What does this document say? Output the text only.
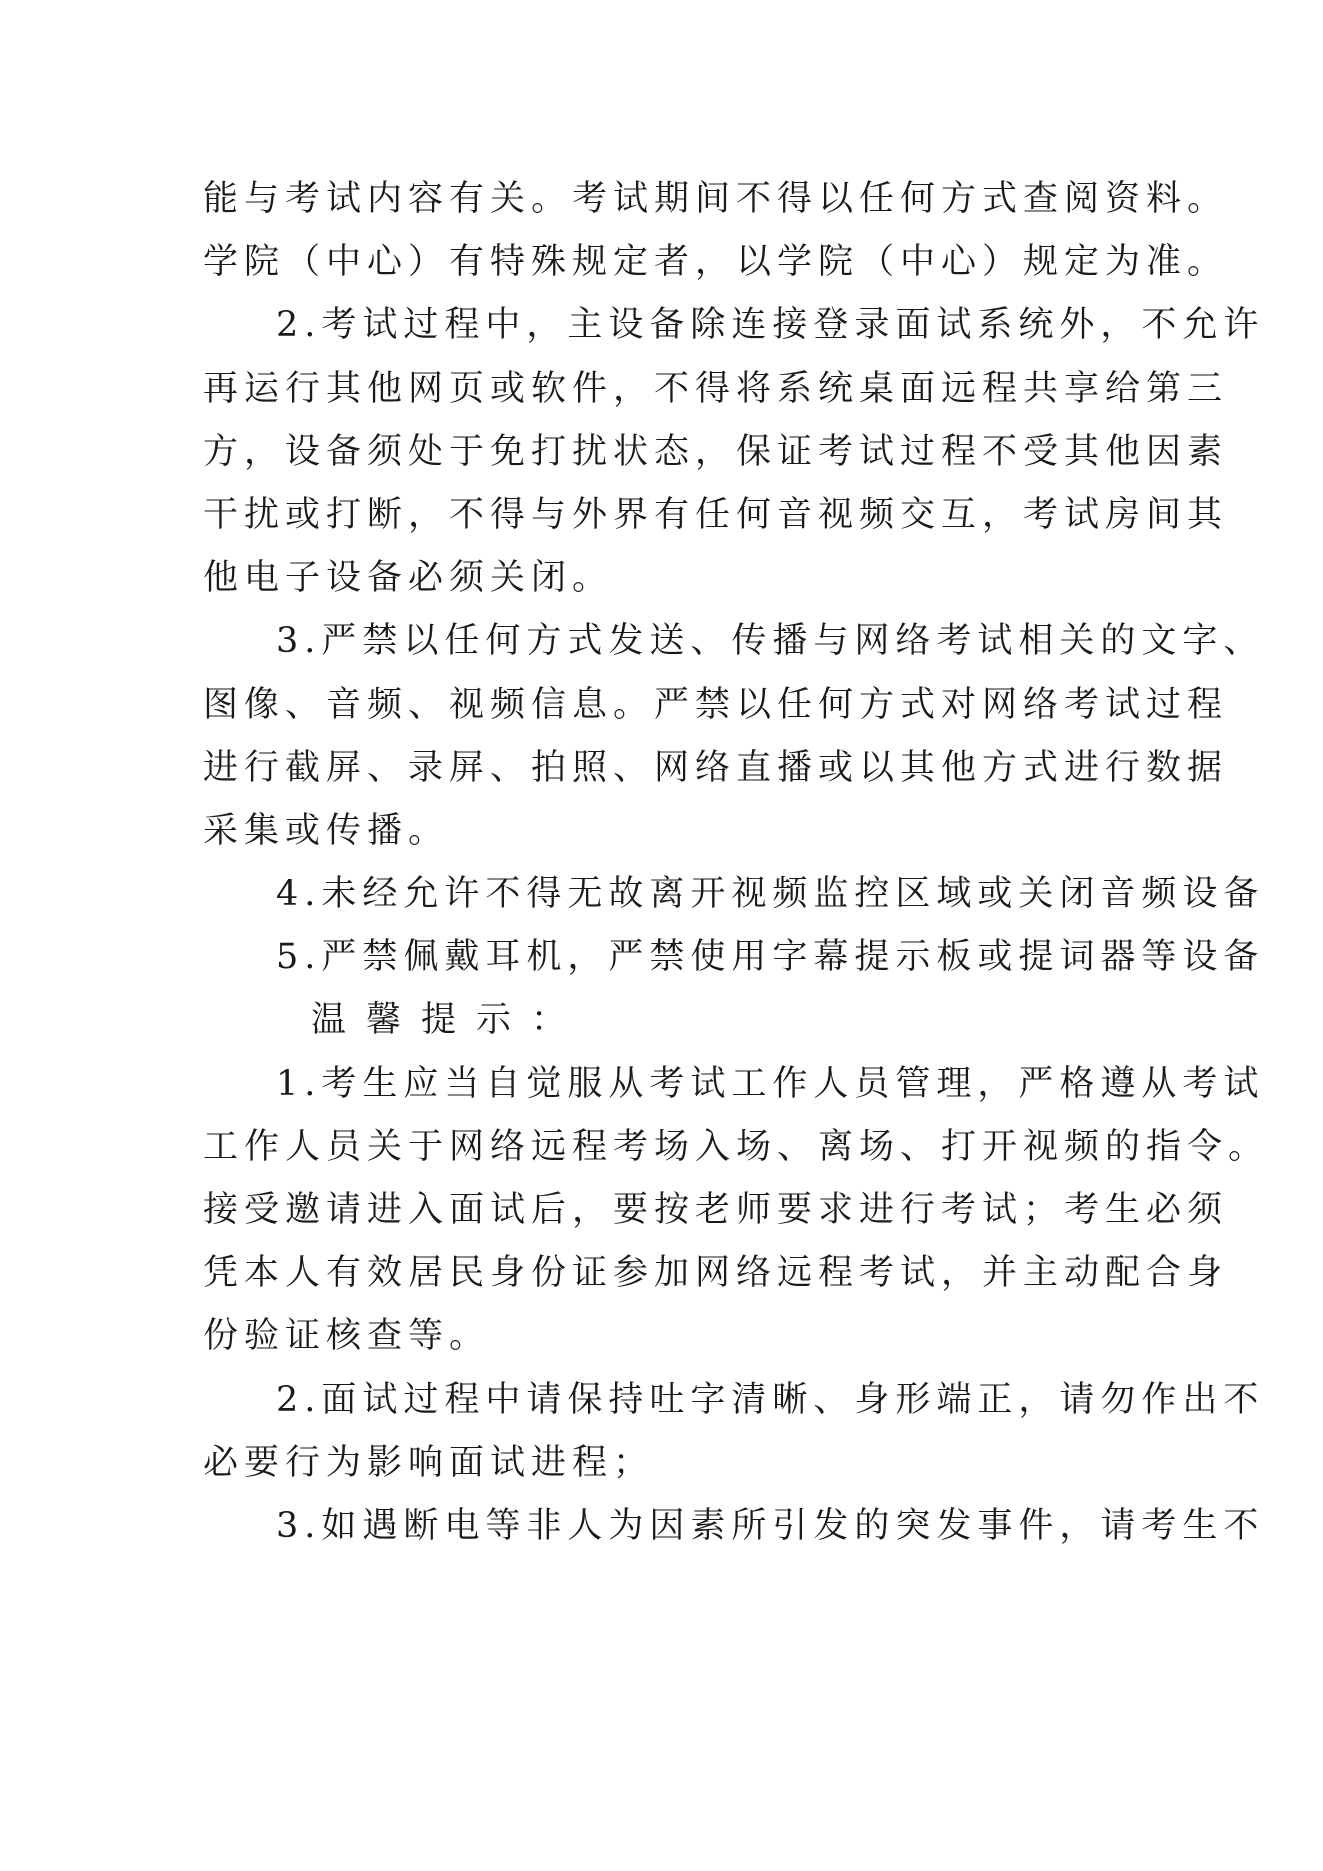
能与考试内容有关。考试期间不得以任何方式查阅资料。
学院（中心）有特殊规定者，以学院（中心）规定为准。
2.考试过程中，主设备除连接登录面试系统外，不允许
再运行其他网页或软件，不得将系统桌面远程共享给第三
方，设备须处于免打扰状态，保证考试过程不受其他因素
干扰或打断，不得与外界有任何音视频交互，考试房间其
他电子设备必须关闭。
3.严禁以任何方式发送、传播与网络考试相关的文字、
图像、音频、视频信息。严禁以任何方式对网络考试过程
进行截屏、录屏、拍照、网络直播或以其他方式进行数据
采集或传播。
4.未经允许不得无故离开视频监控区域或关闭音频设备
5.严禁佩戴耳机，严禁使用字幕提示板或提词器等设备
温馨提示：
1.考生应当自觉服从考试工作人员管理，严格遵从考试
工作人员关于网络远程考场入场、离场、打开视频的指令。
接受邀请进入面试后，要按老师要求进行考试；考生必须
凭本人有效居民身份证参加网络远程考试，并主动配合身
份验证核查等。
2.面试过程中请保持吐字清晰、身形端正，请勿作出不
必要行为影响面试进程；
3.如遇断电等非人为因素所引发的突发事件，请考生不
